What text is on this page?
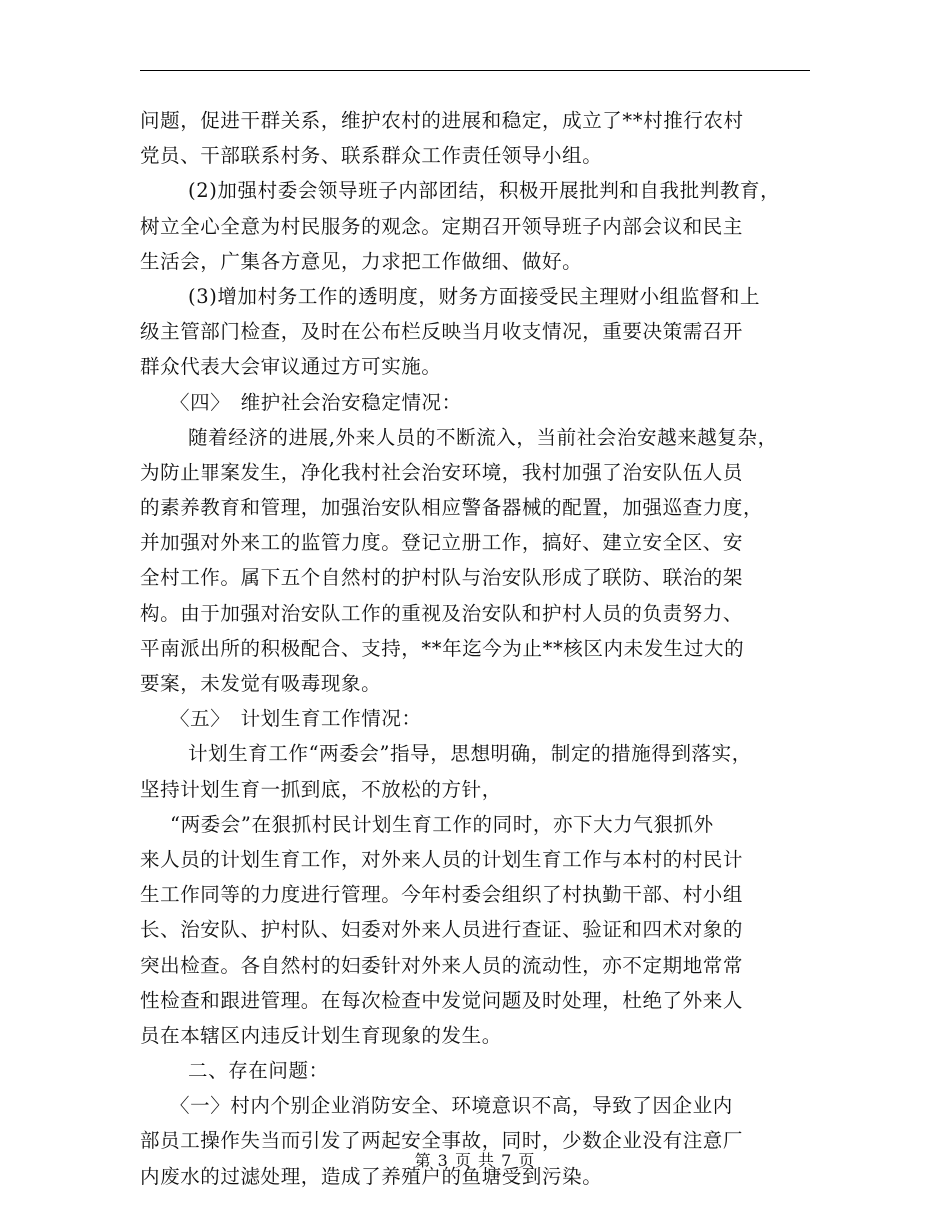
问题，促进干群关系，维护农村的进展和稳定，成立了**村推行农村
党员、干部联系村务、联系群众工作责任领导小组。
(2)加强村委会领导班子内部团结，积极开展批判和自我批判教育，
树立全心全意为村民服务的观念。定期召开领导班子内部会议和民主
生活会，广集各方意见，力求把工作做细、做好。
(3)增加村务工作的透明度，财务方面接受民主理财小组监督和上
级主管部门检查，及时在公布栏反映当月收支情况，重要决策需召开
群众代表大会审议通过方可实施。
〈四〉　维护社会治安稳定情况：
随着经济的进展,外来人员的不断流入，当前社会治安越来越复杂，
为防止罪案发生，净化我村社会治安环境，我村加强了治安队伍人员
的素养教育和管理，加强治安队相应警备器械的配置，加强巡查力度，
并加强对外来工的监管力度。登记立册工作，搞好、建立安全区、安
全村工作。属下五个自然村的护村队与治安队形成了联防、联治的架
构。由于加强对治安队工作的重视及治安队和护村人员的负责努力、
平南派出所的积极配合、支持，**年迄今为止**核区内未发生过大的
要案，未发觉有吸毒现象。
〈五〉　计划生育工作情况：
计划生育工作“两委会”指导，思想明确，制定的措施得到落实，
坚持计划生育一抓到底，不放松的方针，
“两委会”在狠抓村民计划生育工作的同时，亦下大力气狠抓外
来人员的计划生育工作，对外来人员的计划生育工作与本村的村民计
生工作同等的力度进行管理。今年村委会组织了村执勤干部、村小组
长、治安队、护村队、妇委对外来人员进行查证、验证和四术对象的
突出检查。各自然村的妇委针对外来人员的流动性，亦不定期地常常
性检查和跟进管理。在每次检查中发觉问题及时处理，杜绝了外来人
员在本辖区内违反计划生育现象的发生。
二、存在问题：
〈一〉村内个别企业消防安全、环境意识不高，导致了因企业内
部员工操作失当而引发了两起安全事故，同时，少数企业没有注意厂
内废水的过滤处理，造成了养殖户的鱼塘受到污染。
第 3 页 共 7 页
